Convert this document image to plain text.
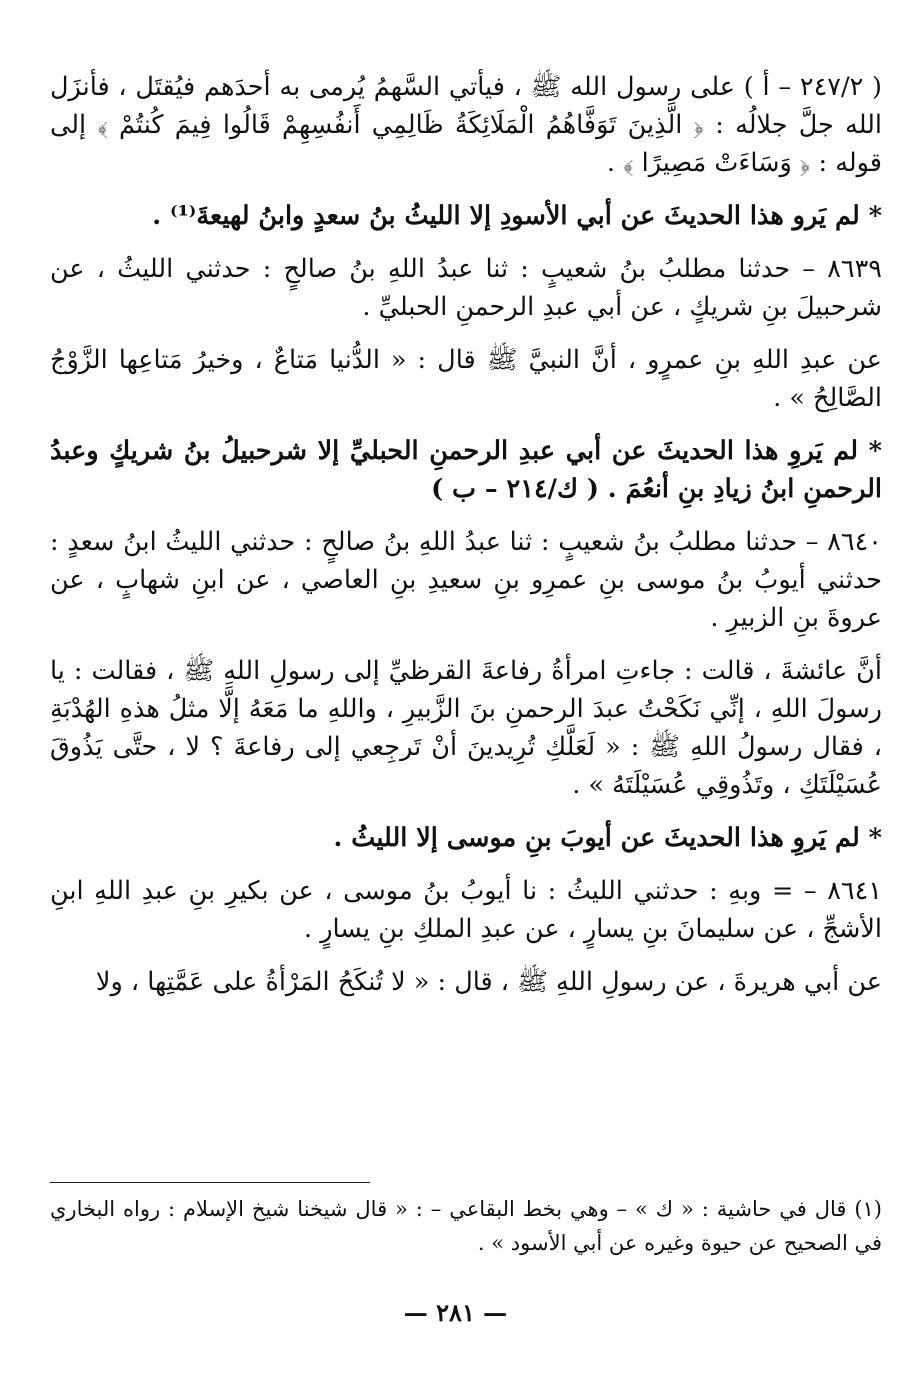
( ٢٤٧/٢ – أ ) على رسول الله ﷺ ، فيأتي السَّهمُ يُرمى به أحدَهم فيُقتَل ، فأنزَل الله جلَّ جلالُه : ﴿ الَّذِينَ تَوَفَّاهُمُ الْمَلَائِكَةُ ظَالِمِي أَنفُسِهِمْ قَالُوا فِيمَ كُنتُمْ ﴾ إلى قوله : ﴿ وَسَاءَتْ مَصِيرًا ﴾ .

* لم يَرو هذا الحديثَ عن أبي الأسودِ إلا الليثُ بنُ سعدٍ وابنُ لهيعةَ⁽¹⁾ .

٨٦٣٩ – حدثنا مطلبُ بنُ شعيبٍ : ثنا عبدُ اللهِ بنُ صالحٍ : حدثني الليثُ ، عن شرحبيلَ بنِ شريكٍ ، عن أبي عبدِ الرحمنِ الحبليِّ .

عن عبدِ اللهِ بنِ عمرٍو ، أنَّ النبيَّ ﷺ قال : « الدُّنيا مَتاعٌ ، وخيرُ مَتاعِها الزَّوْجُ الصَّالِحُ » .

* لم يَروِ هذا الحديثَ عن أبي عبدِ الرحمنِ الحبليِّ إلا شرحبيلُ بنُ شريكٍ وعبدُ الرحمنِ ابنُ زيادِ بنِ أنعُمَ . ( ك/٢١٤ – ب )

٨٦٤٠ – حدثنا مطلبُ بنُ شعيبٍ : ثنا عبدُ اللهِ بنُ صالحٍ : حدثني الليثُ ابنُ سعدٍ : حدثني أيوبُ بنُ موسى بنِ عمرِو بنِ سعيدِ بنِ العاصي ، عن ابنِ شهابٍ ، عن عروةَ بنِ الزبيرِ .

أنَّ عائشةَ ، قالت : جاءتِ امرأةُ رفاعةَ القرظيِّ إلى رسولِ اللهِ ﷺ ، فقالت : يا رسولَ اللهِ ، إنِّي نَكَحْتُ عبدَ الرحمنِ بنَ الزَّبيرِ ، واللهِ ما مَعَهُ إلَّا مثلُ هذهِ الهُدْبَةِ ، فقال رسولُ اللهِ ﷺ : « لَعَلَّكِ تُرِيدينَ أنْ تَرجِعي إلى رفاعةَ ؟ لا ، حتَّى يَذُوقَ عُسَيْلَتَكِ ، وتَذُوقِي عُسَيْلَتَهُ » .

* لم يَروِ هذا الحديثَ عن أيوبَ بنِ موسى إلا الليثُ .

٨٦٤١ – = وبهِ : حدثني الليثُ : نا أيوبُ بنُ موسى ، عن بكيرِ بنِ عبدِ اللهِ ابنِ الأشجِّ ، عن سليمانَ بنِ يسارٍ ، عن عبدِ الملكِ بنِ يسارٍ .

عن أبي هريرةَ ، عن رسولِ اللهِ ﷺ ، قال : « لا تُنكَحُ المَرْأةُ على عَمَّتِها ، ولا

(١) قال في حاشية : « ك » – وهي بخط البقاعي – : « قال شيخنا شيخ الإسلام : رواه البخاري في الصحيح عن حيوة وغيره عن أبي الأسود » .

— ٢٨١ —
